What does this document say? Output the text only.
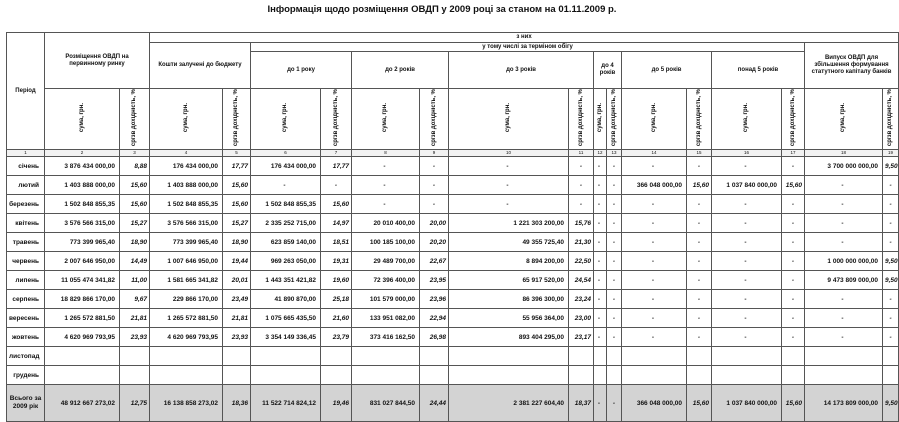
Інформація щодо розміщення ОВДП у 2009 році за станом на 01.11.2009 р.
Період	Розміщення ОВДП на первинному ринку		з них															
			Кошти залучені до бюджету		у тому числі за терміном обігу												Випуск ОВДП для збільшення формування статутного капіталу банків	
					до 1 року		до 2 років		до 3 років		до 4 років		до 5 років		понад 5 років			
	сума, грн.	ср/зв дохідність, %	сума, грн.	ср/зв дохідність, %	сума, грн.	ср/зв дохідність, %	сума, грн.	ср/зв дохідність, %	сума, грн.	ср/зв дохідність, %	сума, грн.	ср/зв дохідність, %	сума, грн.	ср/зв дохідність, %	сума, грн.	ср/зв дохідність, %	сума, грн.	ср/зв дохідність, %
1	2	3	4	5	6	7	8	9	10	11	12	13	14	15	16	17	18	19
січень	3 876 434 000,00	8,88	176 434 000,00	17,77	176 434 000,00	17,77	-	-	-	-	-	-	-	-	-	-	3 700 000 000,00	9,50
лютий	1 403 888 000,00	15,60	1 403 888 000,00	15,60	-	-	-	-	-	-	-	-	366 048 000,00	15,60	1 037 840 000,00	15,60	-	-
березень	1 502 848 855,35	15,60	1 502 848 855,35	15,60	1 502 848 855,35	15,60	-	-	-	-	-	-	-	-	-	-	-	-
квітень	3 576 566 315,00	15,27	3 576 566 315,00	15,27	2 335 252 715,00	14,97	20 010 400,00	20,00	1 221 303 200,00	15,76	-	-	-	-	-	-	-	-
травень	773 399 965,40	18,90	773 399 965,40	18,90	623 859 140,00	18,51	100 185 100,00	20,20	49 355 725,40	21,30	-	-	-	-	-	-	-	-
червень	2 007 646 950,00	14,49	1 007 646 950,00	19,44	969 263 050,00	19,31	29 489 700,00	22,67	8 894 200,00	22,50	-	-	-	-	-	-	1 000 000 000,00	9,50
липень	11 055 474 341,82	11,00	1 581 665 341,82	20,01	1 443 351 421,82	19,60	72 396 400,00	23,95	65 917 520,00	24,54	-	-	-	-	-	-	9 473 809 000,00	9,50
серпень	18 829 866 170,00	9,67	229 866 170,00	23,49	41 890 870,00	25,18	101 579 000,00	23,96	86 396 300,00	23,24	-	-	-	-	-	-	-	-
вересень	1 265 572 881,50	21,81	1 265 572 881,50	21,81	1 075 665 435,50	21,60	133 951 082,00	22,94	55 956 364,00	23,00	-	-	-	-	-	-	-	-
жовтень	4 620 969 793,95	23,93	4 620 969 793,95	23,93	3 354 149 336,45	23,79	373 416 162,50	26,98	893 404 295,00	23,17	-	-	-	-	-	-	-	-
листопад																		
грудень																		
Всього за 2009 рік	48 912 667 273,02	12,75	16 138 858 273,02	18,36	11 522 714 824,12	19,46	831 027 844,50	24,44	2 381 227 604,40	18,37	-	-	366 048 000,00	15,60	1 037 840 000,00	15,60	14 173 809 000,00	9,50
